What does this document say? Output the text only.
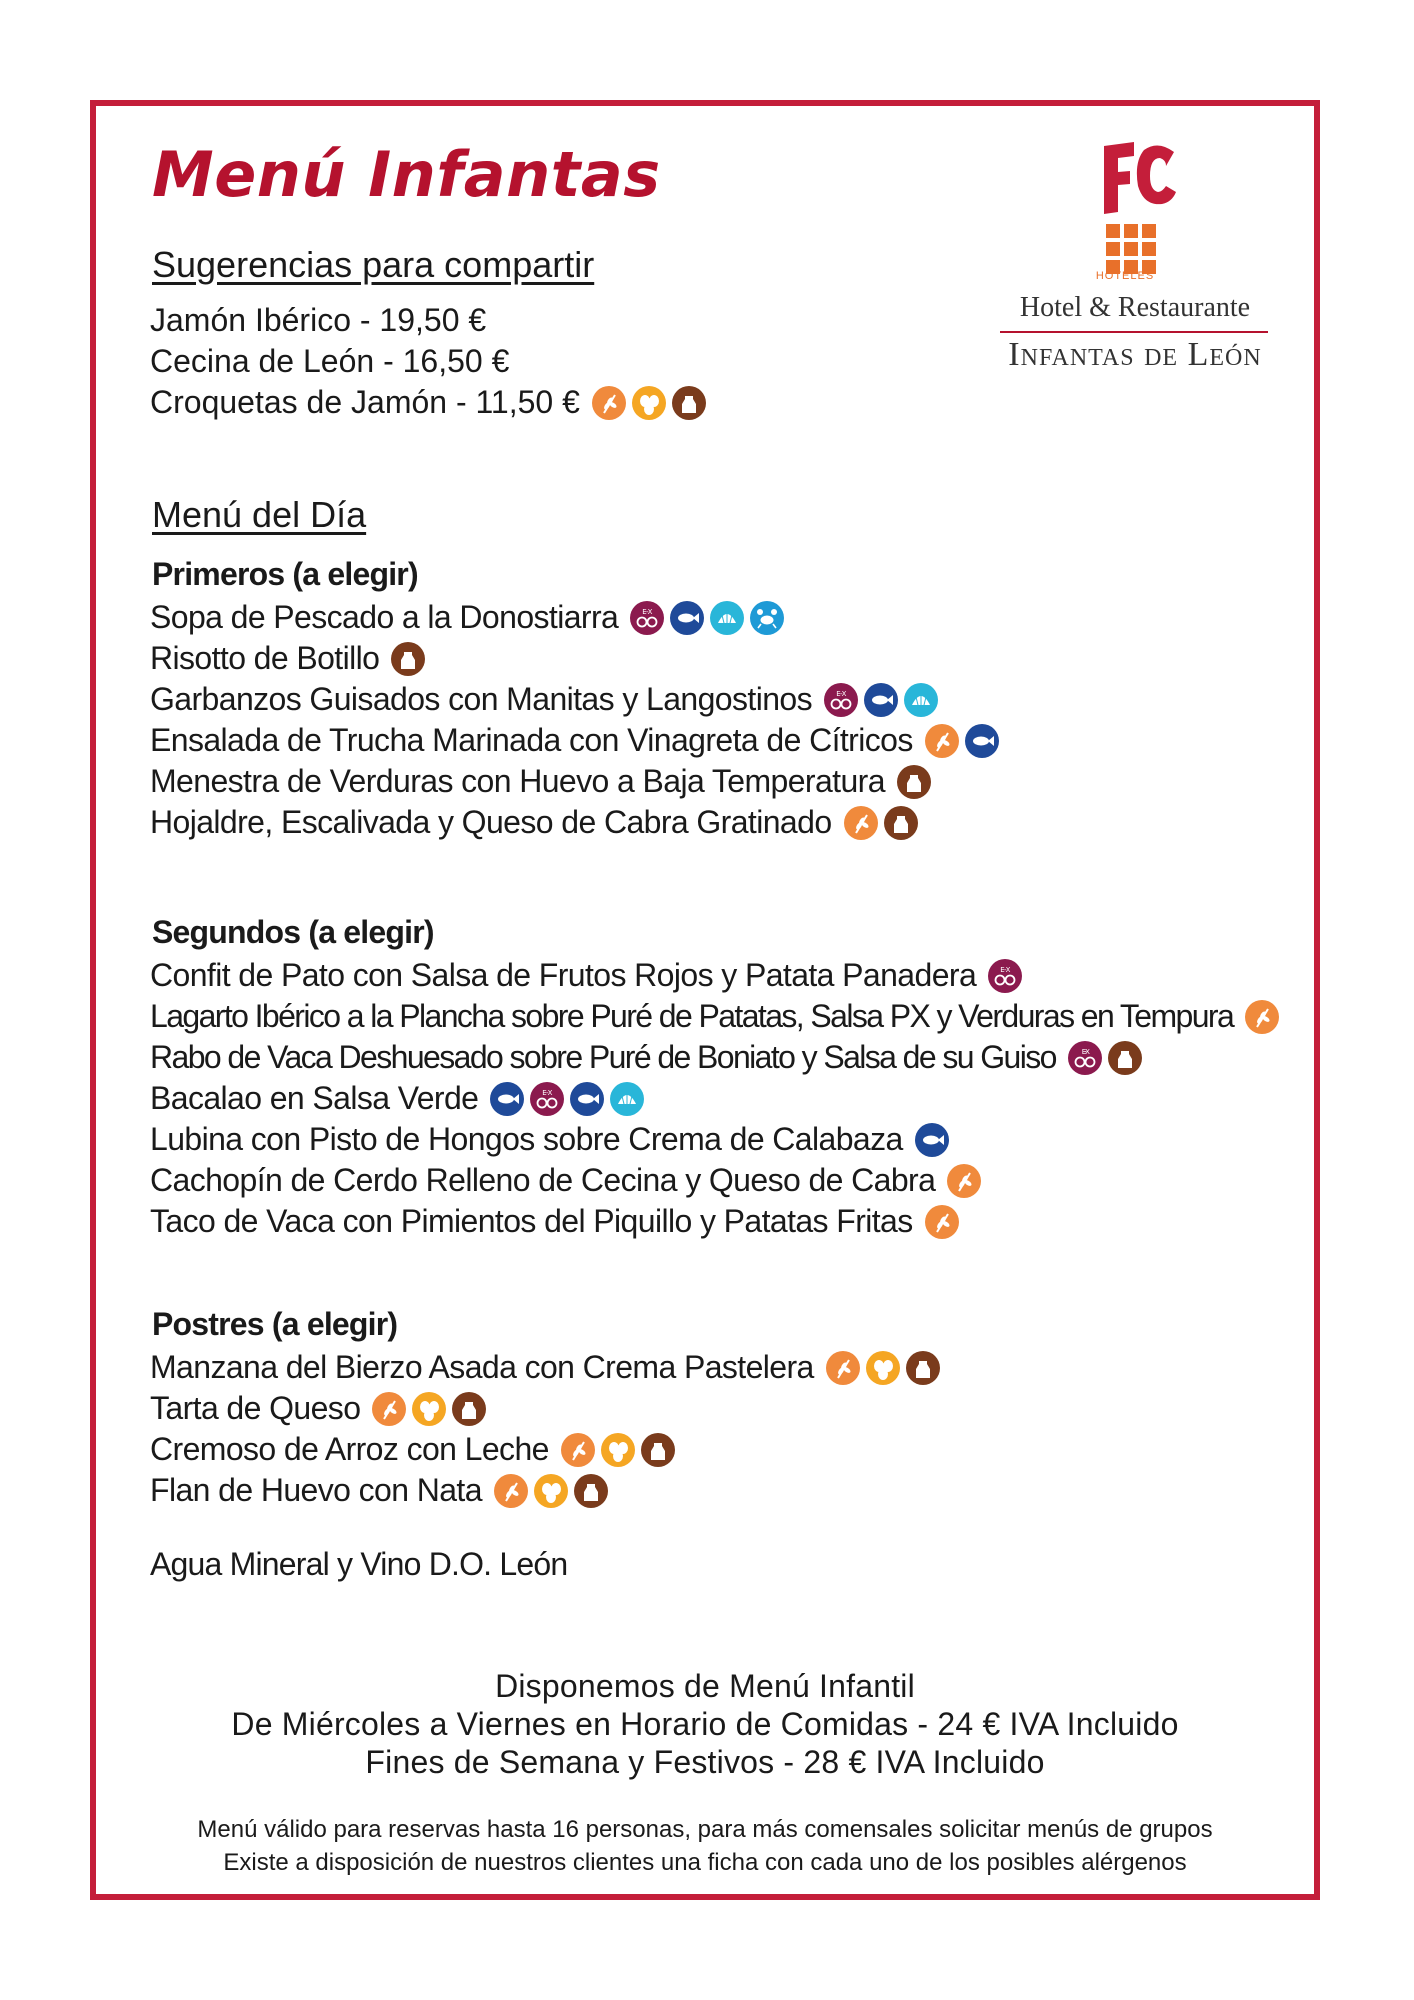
Menú Infantas
HOTELES
Hotel & Restaurante
Infantas de León
Sugerencias para compartir
Jamón Ibérico - 19,50 €
Cecina de León - 16,50 €
Croquetas de Jamón - 11,50 €
Menú del Día
Primeros (a elegir)
Sopa de Pescado a la Donostiarra	E-X
Risotto de Botillo
Garbanzos Guisados con Manitas y Langostinos	E-X
Ensalada de Trucha Marinada con Vinagreta de Cítricos
Menestra de Verduras con Huevo a Baja Temperatura
Hojaldre, Escalivada y Queso de Cabra Gratinado
Segundos (a elegir)
Confit de Pato con Salsa de Frutos Rojos y Patata Panadera	E-X
Lagarto Ibérico a la Plancha sobre Puré de Patatas, Salsa PX y Verduras en Tempura
Rabo de Vaca Deshuesado sobre Puré de Boniato y Salsa de su Guiso	E-X
Bacalao en Salsa Verde	E-X
Lubina con Pisto de Hongos sobre Crema de Calabaza
Cachopín de Cerdo Relleno de Cecina y Queso de Cabra
Taco de Vaca con Pimientos del Piquillo y Patatas Fritas
Postres (a elegir)
Manzana del Bierzo Asada con Crema Pastelera
Tarta de Queso
Cremoso de Arroz con Leche
Flan de Huevo con Nata

Agua Mineral y Vino D.O. León

Disponemos de Menú Infantil

De Miércoles a Viernes en Horario de Comidas - 24 € IVA Incluido

Fines de Semana y Festivos - 28 € IVA Incluido

Menú válido para reservas hasta 16 personas, para más comensales solicitar menús de grupos

Existe a disposición de nuestros clientes una ficha con cada uno de los posibles alérgenos
